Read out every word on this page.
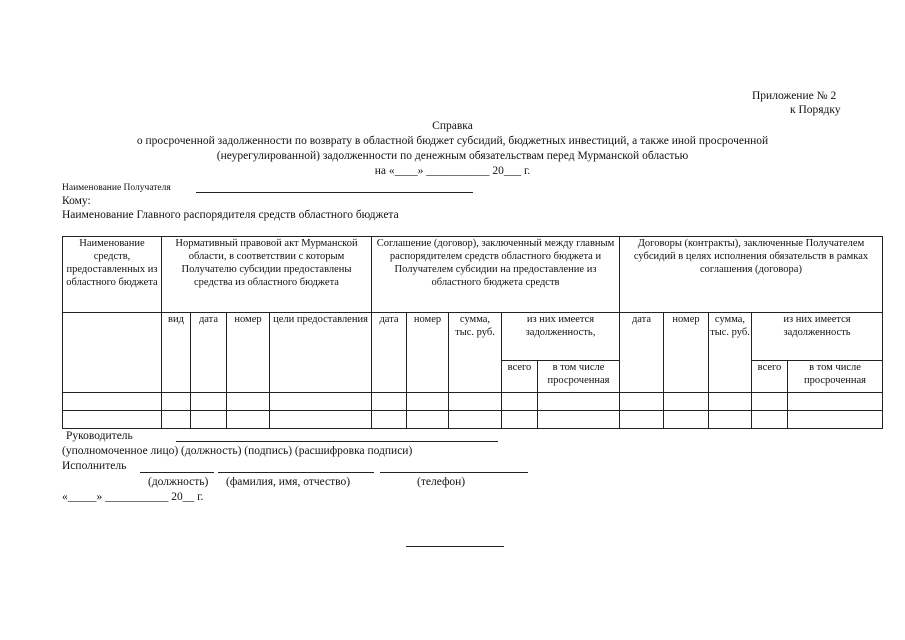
Приложение № 2
к Порядку
Справка
о просроченной задолженности по возврату в областной бюджет субсидий, бюджетных инвестиций, а также иной просроченной
(неурегулированной) задолженности по денежным обязательствам перед Мурманской областью
на «____» ___________ 20___ г.
Наименование Получателя
Кому:
Наименование Главного распорядителя средств областного бюджета
Наименование средств, предоставленных из областного бюджета	Нормативный правовой акт Мурманской области, в соответствии с которым Получателю субсидии предоставлены средства из областного бюджета				Соглашение (договор), заключенный между главным распорядителем средств областного бюджета и Получателем субсидии на предоставление из областного бюджета средств					Договоры (контракты), заключенные Получателем субсидий в целях исполнения обязательств в рамках соглашения (договора)				
	вид	дата	номер	цели предоставления	дата	номер	сумма, тыс. руб.	из них имеется задолженность,		дата	номер	сумма, тыс. руб.	из них имеется задолженность	
								всего	в том числе просроченная				всего	в том числе просроченная

Руководитель
(уполномоченное лицо) (должность) (подпись) (расшифровка подписи)
Исполнитель
(должность) (фамилия, имя, отчество)	(телефон)
«_____» ___________ 20__ г.
